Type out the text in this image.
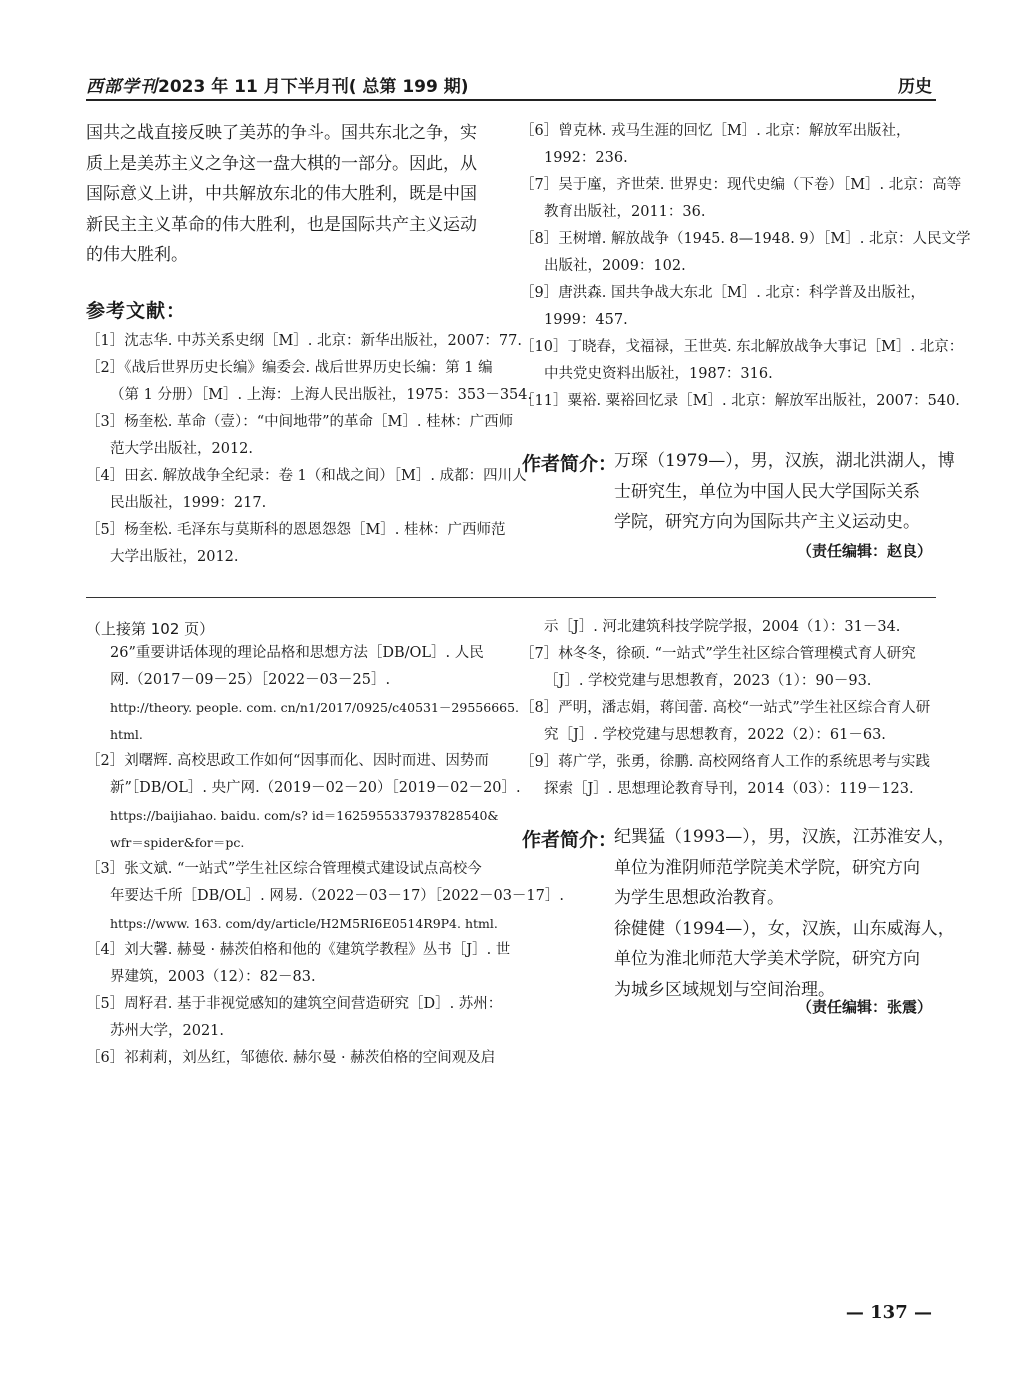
西部学刊2023 年 11 月下半月刊( 总第 199 期)	历史
国共之战直接反映了美苏的争斗。国共东北之争，实
质上是美苏主义之争这一盘大棋的一部分。因此，从
国际意义上讲，中共解放东北的伟大胜利，既是中国
新民主主义革命的伟大胜利，也是国际共产主义运动
的伟大胜利。
参考文献：
［1］沈志华. 中苏关系史纲［M］. 北京：新华出版社，2007：77.
［2］《战后世界历史长编》编委会. 战后世界历史长编：第 1 编
（第 1 分册）［M］. 上海：上海人民出版社，1975：353－354.
［3］杨奎松. 革命（壹）：“中间地带”的革命［M］. 桂林：广西师
范大学出版社，2012.
［4］田玄. 解放战争全纪录：卷 1（和战之间）［M］. 成都：四川人
民出版社，1999：217.
［5］杨奎松. 毛泽东与莫斯科的恩恩怨怨［M］. 桂林：广西师范
大学出版社，2012.
［6］曾克林. 戎马生涯的回忆［M］. 北京：解放军出版社，
1992：236.
［7］吴于廑，齐世荣. 世界史：现代史编（下卷）［M］. 北京：高等
教育出版社，2011：36.
［8］王树增. 解放战争（1945. 8—1948. 9）［M］. 北京：人民文学
出版社，2009：102.
［9］唐洪森. 国共争战大东北［M］. 北京：科学普及出版社，
1999：457.
［10］丁晓春，戈福禄，王世英. 东北解放战争大事记［M］. 北京：
中共党史资料出版社，1987：316.
［11］粟裕. 粟裕回忆录［M］. 北京：解放军出版社，2007：540.
作者简介：
万琛（1979—），男，汉族，湖北洪湖人，博
士研究生，单位为中国人民大学国际关系
学院，研究方向为国际共产主义运动史。
（责任编辑：赵良）
（上接第 102 页）
26”重要讲话体现的理论品格和思想方法［DB/OL］. 人民
网.（2017－09－25）［2022－03－25］.
http://theory. people. com. cn/n1/2017/0925/c40531－29556665.
html.
［2］刘曙辉. 高校思政工作如何“因事而化、因时而进、因势而
新”［DB/OL］. 央广网.（2019－02－20）［2019－02－20］.
https://baijiahao. baidu. com/s? id＝1625955337937828540&
wfr＝spider&for＝pc.
［3］张文斌. “一站式”学生社区综合管理模式建设试点高校今
年要达千所［DB/OL］. 网易.（2022－03－17）［2022－03－17］.
https://www. 163. com/dy/article/H2M5RI6E0514R9P4. html.
［4］刘大馨. 赫曼 · 赫茨伯格和他的《建筑学教程》丛书［J］. 世
界建筑，2003（12）：82－83.
［5］周籽君. 基于非视觉感知的建筑空间营造研究［D］. 苏州：
苏州大学，2021.
［6］祁莉莉，刘丛红，邹德依. 赫尔曼 · 赫茨伯格的空间观及启
示［J］. 河北建筑科技学院学报，2004（1）：31－34.
［7］林冬冬，徐硕. “一站式”学生社区综合管理模式育人研究
［J］. 学校党建与思想教育，2023（1）：90－93.
［8］严明，潘志娟，蒋闰蕾. 高校“一站式”学生社区综合育人研
究［J］. 学校党建与思想教育，2022（2）：61－63.
［9］蒋广学，张勇，徐鹏. 高校网络育人工作的系统思考与实践
探索［J］. 思想理论教育导刊，2014（03）：119－123.
作者简介：
纪巽猛（1993—），男，汉族，江苏淮安人，
单位为淮阴师范学院美术学院，研究方向
为学生思想政治教育。
徐健健（1994—），女，汉族，山东威海人，
单位为淮北师范大学美术学院，研究方向
为城乡区域规划与空间治理。
（责任编辑：张震）
— 137 —
